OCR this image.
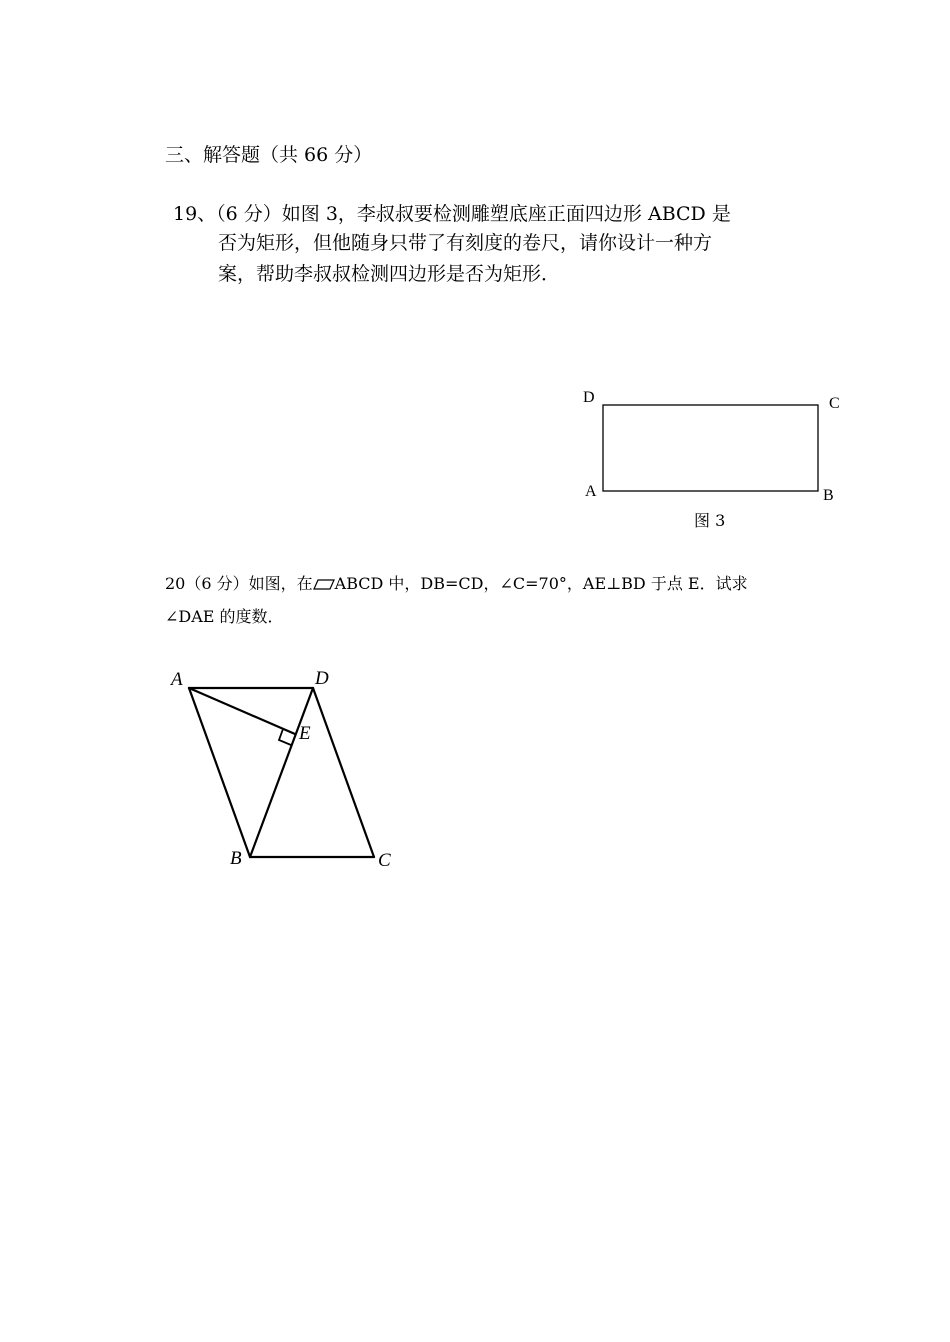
三、解答题（共 66 分）
19、（6 分）如图 3，李叔叔要检测雕塑底座正面四边形 ABCD 是
否为矩形，但他随身只带了有刻度的卷尺，请你设计一种方
案，帮助李叔叔检测四边形是否为矩形．
D	C
A	B
图 3
20（6 分）如图，在 ABCD 中，DB=CD，∠C=70°，AE⊥BD 于点 E．试求
∠DAE 的度数．
A	D
E
B	C
